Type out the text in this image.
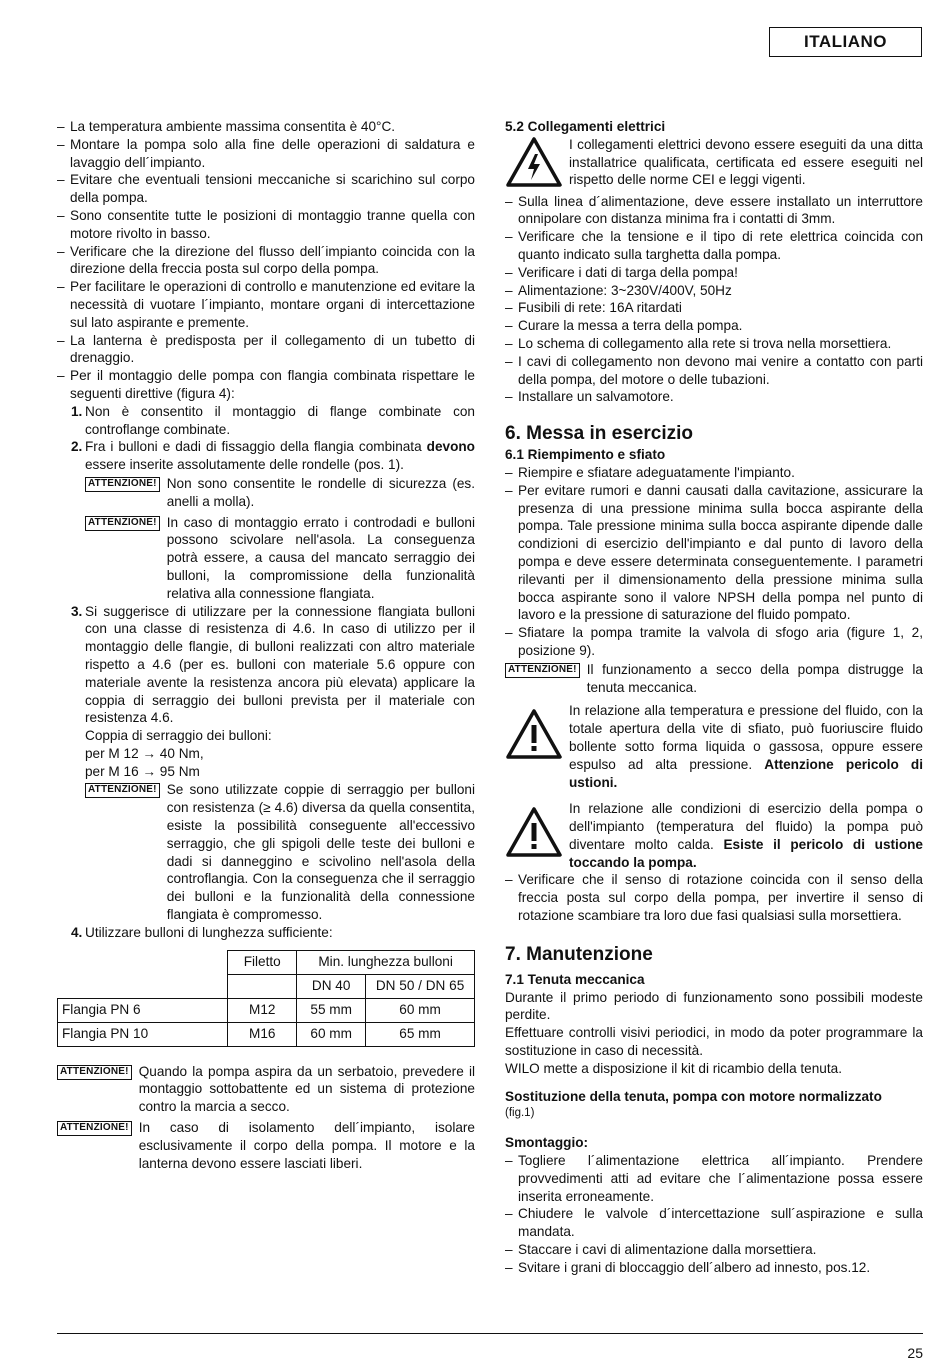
ITALIANO
– La temperatura ambiente massima consentita è 40°C.
– Montare la pompa solo alla fine delle operazioni di saldatura e lavaggio dell´impianto.
– Evitare che eventuali tensioni meccaniche si scarichino sul corpo della pompa.
– Sono consentite tutte le posizioni di montaggio tranne quella con motore rivolto in basso.
– Verificare che la direzione del flusso dell´impianto coincida con la direzione della freccia posta sul corpo della pompa.
– Per facilitare le operazioni di controllo e manutenzione ed evitare la necessità di vuotare l´impianto, montare organi di intercettazione sul lato aspirante e premente.
– La lanterna è predisposta per il collegamento di un tubetto di drenaggio.
– Per il montaggio delle pompa con flangia combinata rispettare le seguenti direttive (figura 4):
1. Non è consentito il montaggio di flange combinate con controflange combinate.
2. Fra i bulloni e dadi di fissaggio della flangia combinata devono essere inserite assolutamente delle rondelle (pos. 1).
ATTENZIONE! Non sono consentite le rondelle di sicurezza (es. anelli a molla).
ATTENZIONE! In caso di montaggio errato i controdadi e bulloni possono scivolare nell'asola. La conseguenza potrà essere, a causa del mancato serraggio dei bulloni, la compromissione della funzionalità relativa alla connessione flangiata.
3. Si suggerisce di utilizzare per la connessione flangiata bulloni con una classe di resistenza di 4.6. In caso di utilizzo per il montaggio delle flangie, di bulloni realizzati con altro materiale rispetto a 4.6 (per es. bulloni con materiale 5.6 oppure con materiale avente la resistenza ancora più elevata) applicare la coppia di serraggio dei bulloni prevista per il materiale con resistenza 4.6.
Coppia di serraggio dei bulloni:
per M 12 → 40 Nm,
per M 16 → 95 Nm
ATTENZIONE! Se sono utilizzate coppie di serraggio per bulloni con resistenza (≥ 4.6) diversa da quella consentita, esiste la possibilità conseguente all'eccessivo serraggio, che gli spigoli delle teste dei bulloni e dadi si danneggino e scivolino nell'asola della controflangia. Con la conseguenza che il serraggio dei bulloni e la funzionalità della connessione flangiata è compromesso.
4. Utilizzare bulloni di lunghezza sufficiente:
	Filetto	Min. lunghezza bulloni	
		DN 40	DN 50 / DN 65
Flangia PN 6	M12	55 mm	60 mm
Flangia PN 10	M16	60 mm	65 mm
ATTENZIONE! Quando la pompa aspira da un serbatoio, prevedere il montaggio sottobattente ed un sistema di protezione contro la marcia a secco.
ATTENZIONE! In caso di isolamento dell´impianto, isolare esclusivamente il corpo della pompa. Il motore e la lanterna devono essere lasciati liberi.
5.2 Collegamenti elettrici
I collegamenti elettrici devono essere eseguiti da una ditta installatrice qualificata, certificata ed essere eseguiti nel rispetto delle norme CEI e leggi vigenti.
– Sulla linea d´alimentazione, deve essere installato un interruttore onnipolare con distanza minima fra i contatti di 3mm.
– Verificare che la tensione e il tipo di rete elettrica coincida con quanto indicato sulla targhetta dalla pompa.
– Verificare i dati di targa della pompa!
– Alimentazione: 3~230V/400V, 50Hz
– Fusibili di rete: 16A ritardati
– Curare la messa a terra della pompa.
– Lo schema di collegamento alla rete si trova nella morsettiera.
– I cavi di collegamento non devono mai venire a contatto con parti della pompa, del motore o delle tubazioni.
– Installare un salvamotore.
6. Messa in esercizio
6.1 Riempimento e sfiato
– Riempire e sfiatare adeguatamente l'impianto.
– Per evitare rumori e danni causati dalla cavitazione, assicurare la presenza di una pressione minima sulla bocca aspirante della pompa. Tale pressione minima sulla bocca aspirante dipende dalle condizioni di esercizio dell'impianto e dal punto di lavoro della pompa e deve essere determinata conseguentemente. I parametri rilevanti per il dimensionamento della pressione minima sulla bocca aspirante sono il valore NPSH della pompa nel punto di lavoro e la pressione di saturazione del fluido pompato.
– Sfiatare la pompa tramite la valvola di sfogo aria (figure 1, 2, posizione 9).
ATTENZIONE! Il funzionamento a secco della pompa distrugge la tenuta meccanica.
In relazione alla temperatura e pressione del fluido, con la totale apertura della vite di sfiato, può fuoriuscire fluido bollente sotto forma liquida o gassosa, oppure essere espulso ad alta pressione. Attenzione pericolo di ustioni.
In relazione alle condizioni di esercizio della pompa o dell'impianto (temperatura del fluido) la pompa può diventare molto calda. Esiste il pericolo di ustione toccando la pompa.
– Verificare che il senso di rotazione coincida con il senso della freccia posta sul corpo della pompa, per invertire il senso di rotazione scambiare tra loro due fasi qualsiasi sulla morsettiera.
7. Manutenzione
7.1 Tenuta meccanica
Durante il primo periodo di funzionamento sono possibili modeste perdite.
Effettuare controlli visivi periodici, in modo da poter programmare la sostituzione in caso di necessità.
WILO mette a disposizione il kit di ricambio della tenuta.
Sostituzione della tenuta, pompa con motore normalizzato
(fig.1)
Smontaggio:
– Togliere l´alimentazione elettrica all´impianto. Prendere provvedimenti atti ad evitare che l´alimentazione possa essere inserita erroneamente.
– Chiudere le valvole d´intercettazione sull´aspirazione e sulla mandata.
– Staccare i cavi di alimentazione dalla morsettiera.
– Svitare i grani di bloccaggio dell´albero ad innesto, pos.12.
25
